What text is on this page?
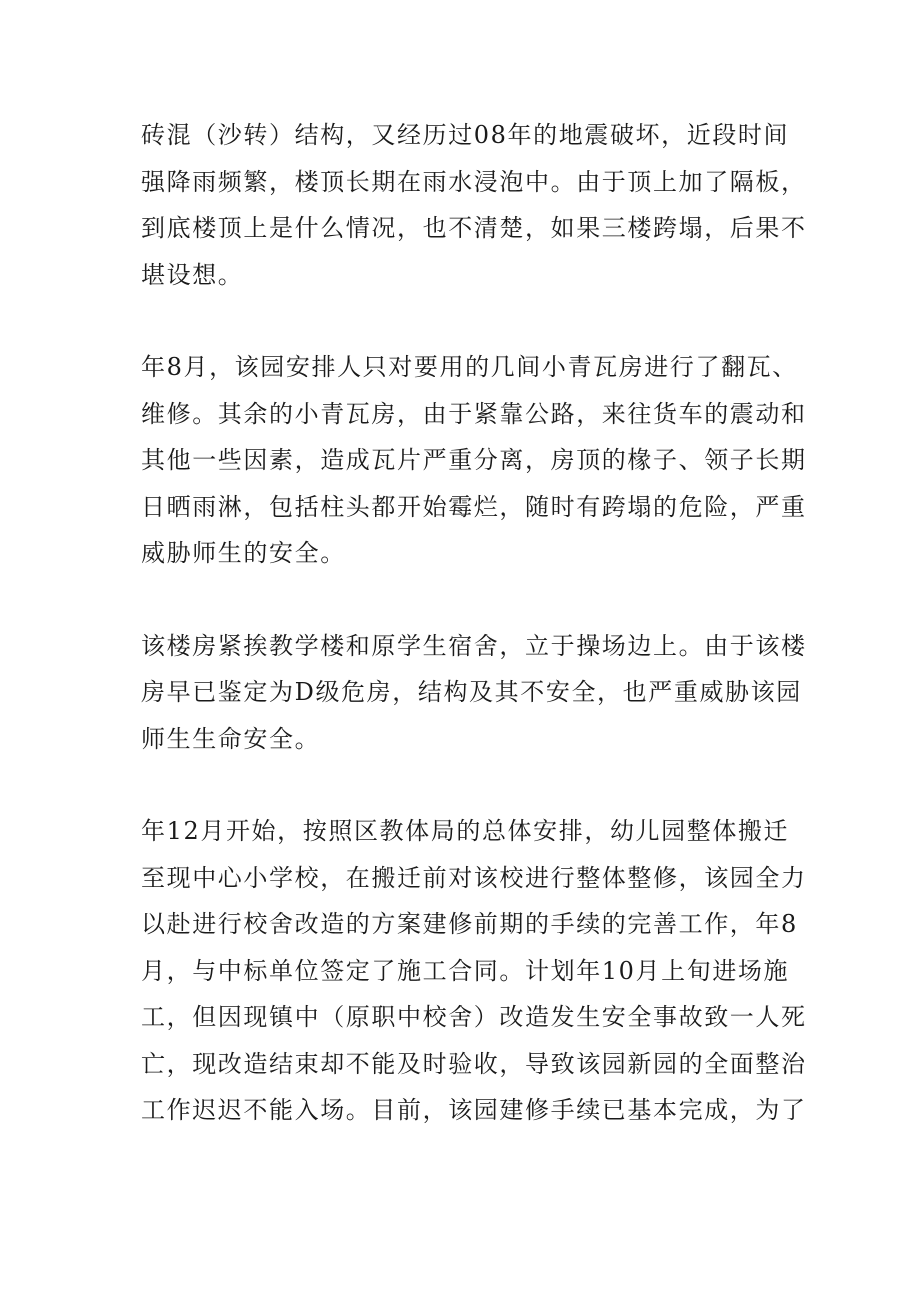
砖混（沙转）结构，又经历过08年的地震破坏，近段时间
强降雨频繁，楼顶长期在雨水浸泡中。由于顶上加了隔板，
到底楼顶上是什么情况，也不清楚，如果三楼跨塌，后果不
堪设想。

年8月，该园安排人只对要用的几间小青瓦房进行了翻瓦、
维修。其余的小青瓦房，由于紧靠公路，来往货车的震动和
其他一些因素，造成瓦片严重分离，房顶的椽子、领子长期
日晒雨淋，包括柱头都开始霉烂，随时有跨塌的危险，严重
威胁师生的安全。

该楼房紧挨教学楼和原学生宿舍，立于操场边上。由于该楼
房早已鉴定为D级危房，结构及其不安全，也严重威胁该园
师生生命安全。

年12月开始，按照区教体局的总体安排，幼儿园整体搬迁
至现中心小学校，在搬迁前对该校进行整体整修，该园全力
以赴进行校舍改造的方案建修前期的手续的完善工作，年8
月，与中标单位签定了施工合同。计划年10月上旬进场施
工，但因现镇中（原职中校舍）改造发生安全事故致一人死
亡，现改造结束却不能及时验收，导致该园新园的全面整治
工作迟迟不能入场。目前，该园建修手续已基本完成，为了
